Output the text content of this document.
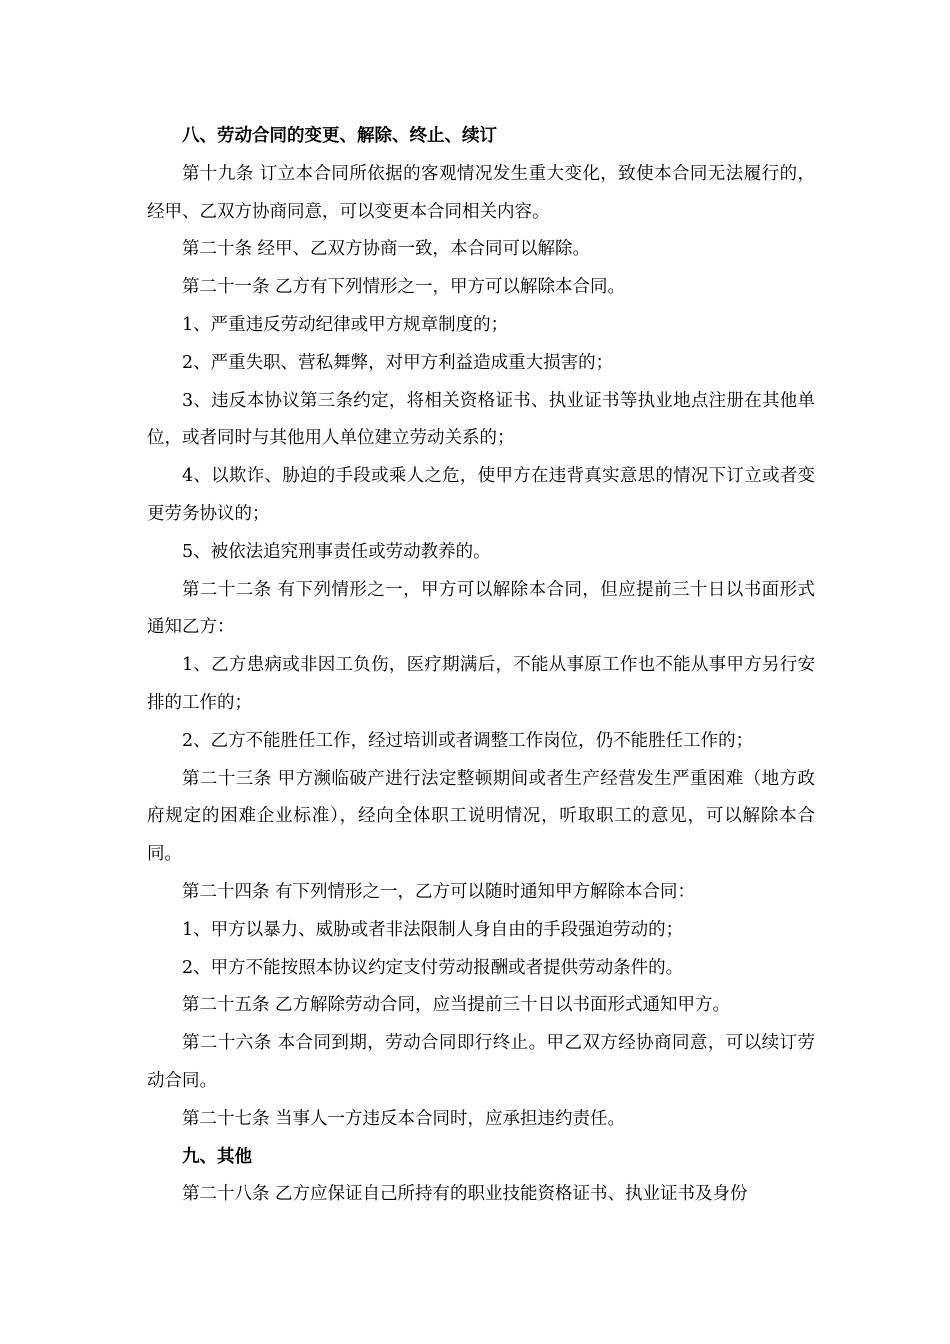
八、劳动合同的变更、解除、终止、续订

第十九条 订立本合同所依据的客观情况发生重大变化，致使本合同无法履行的，经甲、乙双方协商同意，可以变更本合同相关内容。

第二十条 经甲、乙双方协商一致，本合同可以解除。

第二十一条 乙方有下列情形之一，甲方可以解除本合同。

1、严重违反劳动纪律或甲方规章制度的；

2、严重失职、营私舞弊，对甲方利益造成重大损害的；

3、违反本协议第三条约定，将相关资格证书、执业证书等执业地点注册在其他单位，或者同时与其他用人单位建立劳动关系的；

4、以欺诈、胁迫的手段或乘人之危，使甲方在违背真实意思的情况下订立或者变更劳务协议的；

5、被依法追究刑事责任或劳动教养的。

第二十二条 有下列情形之一，甲方可以解除本合同，但应提前三十日以书面形式通知乙方：

1、乙方患病或非因工负伤，医疗期满后，不能从事原工作也不能从事甲方另行安排的工作的；

2、乙方不能胜任工作，经过培训或者调整工作岗位，仍不能胜任工作的；

第二十三条 甲方濒临破产进行法定整顿期间或者生产经营发生严重困难（地方政府规定的困难企业标准），经向全体职工说明情况，听取职工的意见，可以解除本合同。

第二十四条 有下列情形之一，乙方可以随时通知甲方解除本合同：

1、甲方以暴力、威胁或者非法限制人身自由的手段强迫劳动的；

2、甲方不能按照本协议约定支付劳动报酬或者提供劳动条件的。

第二十五条 乙方解除劳动合同，应当提前三十日以书面形式通知甲方。

第二十六条 本合同到期，劳动合同即行终止。甲乙双方经协商同意，可以续订劳动合同。

第二十七条 当事人一方违反本合同时，应承担违约责任。

九、其他

第二十八条 乙方应保证自己所持有的职业技能资格证书、执业证书及身份
